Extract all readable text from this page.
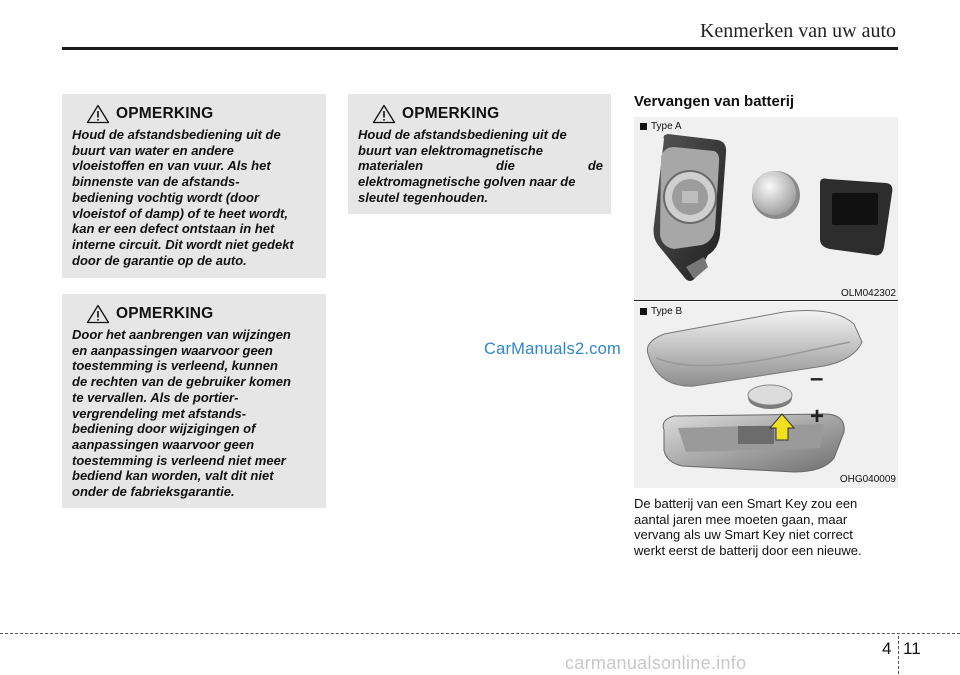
Kenmerken van uw auto
OPMERKING
Houd de afstandsbediening uit de
buurt van water en andere
vloeistoffen en van vuur. Als het
binnenste van de afstands-
bediening vochtig wordt (door
vloeistof of damp) of te heet wordt,
kan er een defect ontstaan in het
interne circuit. Dit wordt niet gedekt
door de garantie op de auto.
OPMERKING
Door het aanbrengen van wijzingen
en aanpassingen waarvoor geen
toestemming is verleend, kunnen
de rechten van de gebruiker komen
te vervallen. Als de portier-
vergrendeling met afstands-
bediening door wijzigingen of
aanpassingen waarvoor geen
toestemming is verleend niet meer
bediend kan worden, valt dit niet
onder de fabrieksgarantie.
OPMERKING
Houd de afstandsbediening uit de
buurt van elektromagnetische
materialen	die	de
elektromagnetische golven naar de
sleutel tegenhouden.
CarManuals2.com
Vervangen van batterij
Type A
OLM042302
–
+
Type B
OHG040009
De batterij van een Smart Key zou een
aantal jaren mee moeten gaan, maar
vervang als uw Smart Key niet correct
werkt eerst de batterij door een nieuwe.
4 11
carmanualsonline.info
